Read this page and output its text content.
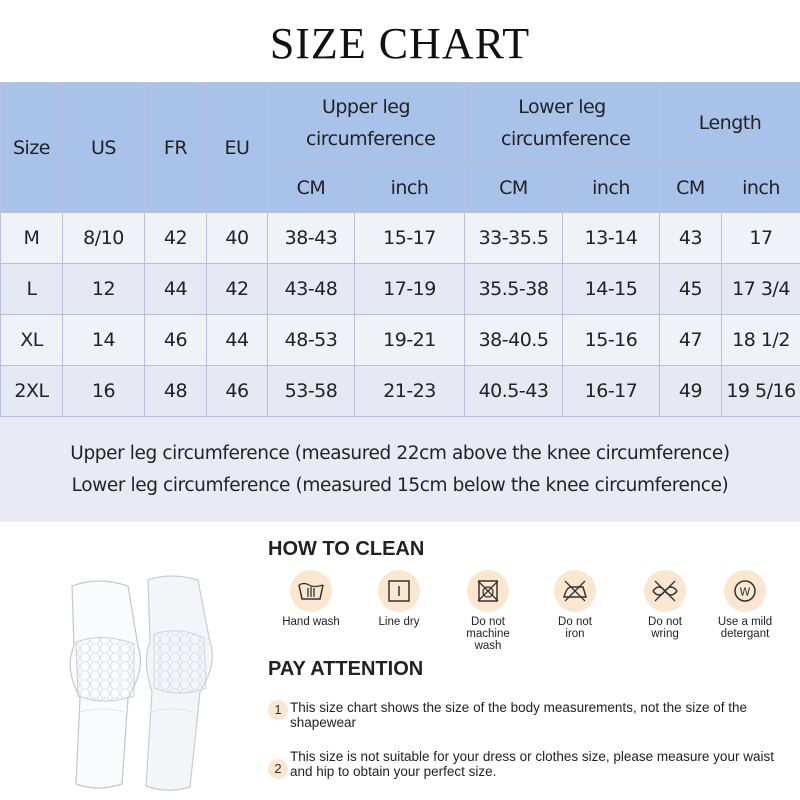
SIZE CHART
Size	US	FR	EU	Upper leg circumference		Lower leg circumference		Length	
				CM	inch	CM	inch	CM	inch
M	8/10	42	40	38-43	15-17	33-35.5	13-14	43	17
L	12	44	42	43-48	17-19	35.5-38	14-15	45	17 3/4
XL	14	46	44	48-53	19-21	38-40.5	15-16	47	18 1/2
2XL	16	48	46	53-58	21-23	40.5-43	16-17	49	19 5/16
Upper leg circumference (measured 22cm above the knee circumference)
Lower leg circumference (measured 15cm below the knee circumference)
HOW TO CLEAN
Hand wash	Line dry	Do not
machine
wash
Do not
iron
Do not
wring
W
Use a mild
detergant
PAY ATTENTION
1 This size chart shows the size of the body measurements, not the size of the shapewear
2
This size is not suitable for your dress or clothes size, please measure your waist and hip to obtain your perfect size.
